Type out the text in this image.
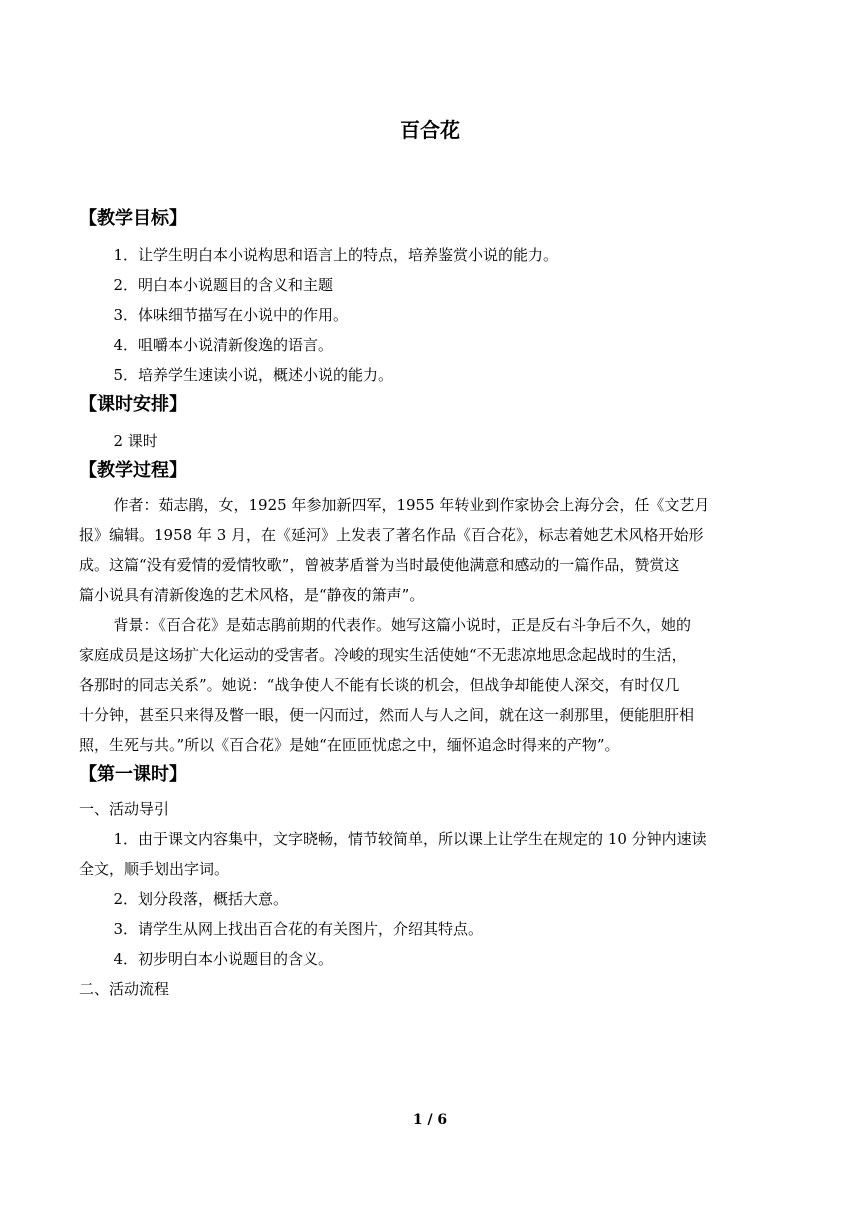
百合花
【教学目标】
1．让学生明白本小说构思和语言上的特点，培养鉴赏小说的能力。
2．明白本小说题目的含义和主题
3．体味细节描写在小说中的作用。
4．咀嚼本小说清新俊逸的语言。
5．培养学生速读小说，概述小说的能力。
【课时安排】
2 课时
【教学过程】
作者：茹志鹃，女，1925 年参加新四军，1955 年转业到作家协会上海分会，任《文艺月
报》编辑。1958 年 3 月，在《延河》上发表了著名作品《百合花》，标志着她艺术风格开始形
成。这篇“没有爱情的爱情牧歌”，曾被茅盾誉为当时最使他满意和感动的一篇作品，赞赏这
篇小说具有清新俊逸的艺术风格，是“静夜的箫声”。
背景：《百合花》是茹志鹃前期的代表作。她写这篇小说时，正是反右斗争后不久，她的
家庭成员是这场扩大化运动的受害者。冷峻的现实生活使她“不无悲凉地思念起战时的生活，
各那时的同志关系”。她说：“战争使人不能有长谈的机会，但战争却能使人深交，有时仅几
十分钟，甚至只来得及瞥一眼，便一闪而过，然而人与人之间，就在这一刹那里，便能胆肝相
照，生死与共。”所以《百合花》是她“在匝匝忧虑之中，缅怀追念时得来的产物”。
【第一课时】
一、活动导引
1．由于课文内容集中，文字晓畅，情节较简单，所以课上让学生在规定的 10 分钟内速读
全文，顺手划出字词。
2．划分段落，概括大意。
3．请学生从网上找出百合花的有关图片，介绍其特点。
4．初步明白本小说题目的含义。
二、活动流程
1 / 6
